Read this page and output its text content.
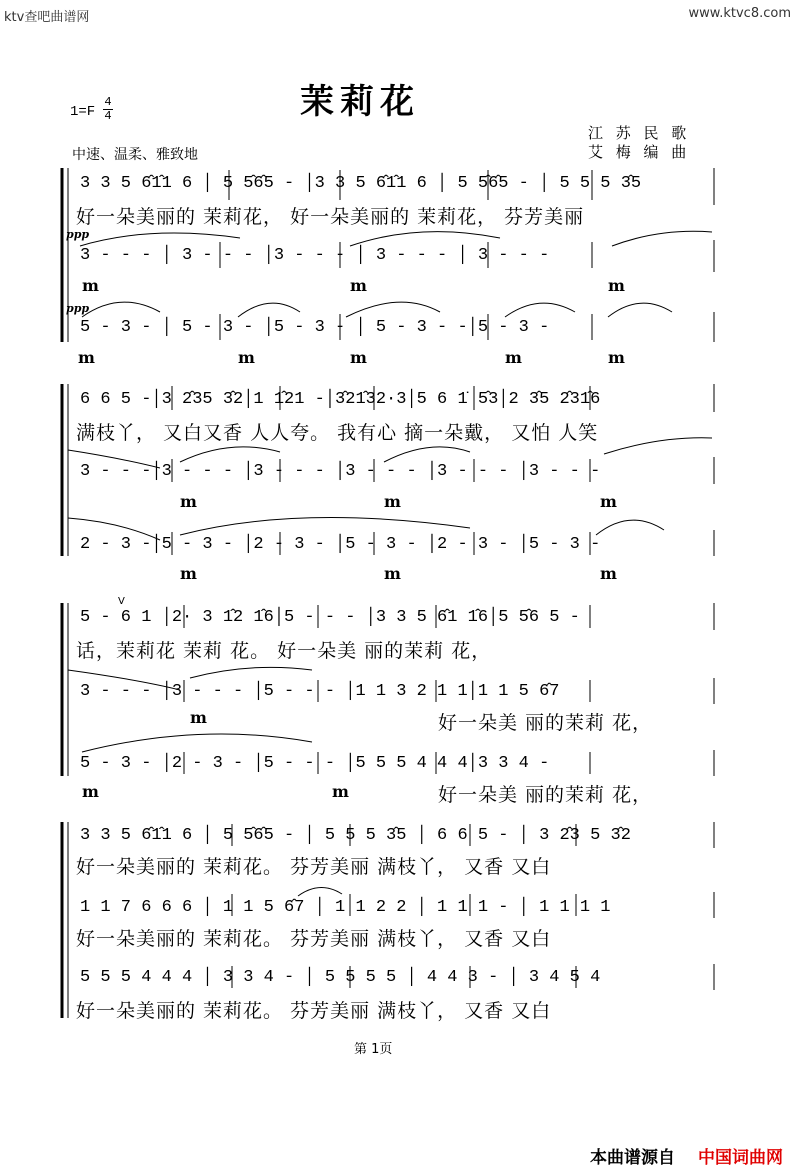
ktv查吧曲谱网	www.ktvc8.com
茉莉花
1=F
4
4
中速、温柔、雅致地
江 苏 民 歌
艾 梅 编 曲
3 3 5 6̂1̂1 6 │ 5 5̂6̂5 - │3 3 5 6̂1̂1 6 │ 5 5̂6̂5 - │ 5 5 5 3̂5
好一朵美丽的 茉莉花， 好一朵美丽的 茉莉花， 芬芳美丽
ppp
3 - - - │ 3 - - - │3 - - - │ 3 - - - │ 3 - - -
m	m	m
ppp
5 - 3 - │ 5 - 3 - │5 - 3 - │ 5 - 3 - -│5 - 3 -
m	m	m	m	m
6 6 5 -│3 2̂35 3̂2│1 1̂21 -│3̂21̂32·3│5 6 1̇ 5̂3│2 3̂5 2̂31̂6
满枝丫， 又白又香 人人夸。 我有心 摘一朵戴， 又怕 人笑
3 - - -│3 - - - │3 - - - │3 - - - │3 - - - │3 - - -
m	m	m
2 - 3 -│5 - 3 - │2 - 3 - │5 - 3 - │2 - 3 - │5 - 3 -
m	m	m
V
5 - 6 1 │2· 3 1̂2 1̂6│5 - - - │3 3 5 6̂1 1̂6│5 5̂6 5 -
话，茉莉花 茉莉 花。 好一朵美 丽的茉莉 花，
3 - - - │3 - - - │5 - - - │1 1 3 2 1 1│1 1 5 6̂7
m	好一朵美 丽的茉莉 花，
5 - 3 - │2 - 3 - │5 - - - │5 5 5 4 4 4│3 3 4 -
m	m	好一朵美 丽的茉莉 花，
3 3 5 6̂1̂1 6 │ 5 5̂6̂5 - │ 5 5 5 3̂5 │ 6 6 5 - │ 3 2̂3 5 3̂2
好一朵美丽的 茉莉花。 芬芳美丽 满枝丫， 又香 又白
1 1 7 6 6 6 │ 1 1 5 6̂7 │ 1 1 2 2 │ 1 1 1 - │ 1 1 1 1
好一朵美丽的 茉莉花。 芬芳美丽 满枝丫， 又香 又白
5 5 5 4 4 4 │ 3 3 4 - │ 5 5 5 5 │ 4 4 3 - │ 3 4 5 4
好一朵美丽的 茉莉花。 芬芳美丽 满枝丫， 又香 又白
第 1页
本曲谱源自 中国词曲网
